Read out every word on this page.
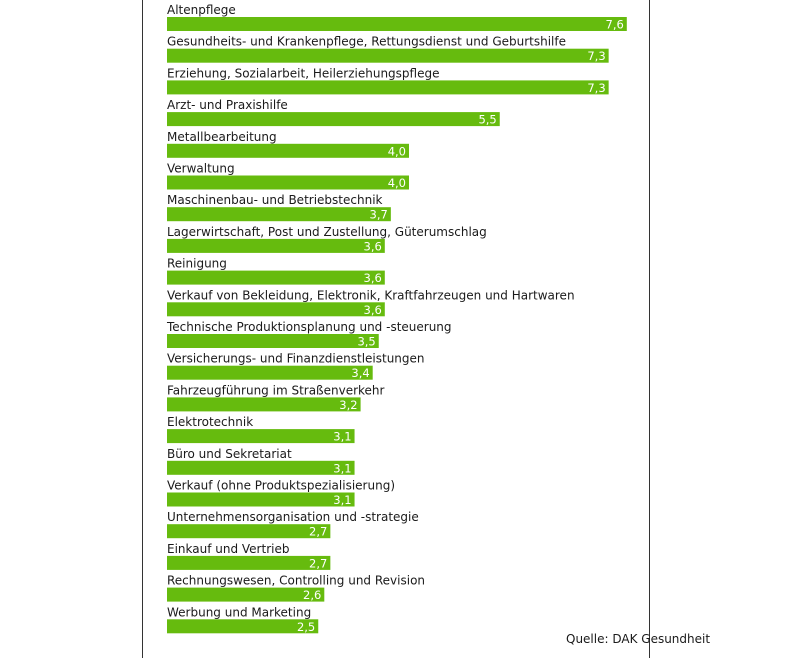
Altenpflege
7,6
Gesundheits- und Krankenpflege, Rettungsdienst und Geburtshilfe
7,3
Erziehung, Sozialarbeit, Heilerziehungspflege
7,3
Arzt- und Praxishilfe
5,5
Metallbearbeitung
4,0
Verwaltung
4,0
Maschinenbau- und Betriebstechnik
3,7
Lagerwirtschaft, Post und Zustellung, Güterumschlag
3,6
Reinigung
3,6
Verkauf von Bekleidung, Elektronik, Kraftfahrzeugen und Hartwaren
3,6
Technische Produktionsplanung und -steuerung
3,5
Versicherungs- und Finanzdienstleistungen
3,4
Fahrzeugführung im Straßenverkehr
3,2
Elektrotechnik
3,1
Büro und Sekretariat
3,1
Verkauf (ohne Produktspezialisierung)
3,1
Unternehmensorganisation und -strategie
2,7
Einkauf und Vertrieb
2,7
Rechnungswesen, Controlling und Revision
2,6
Werbung und Marketing
2,5
Quelle: DAK Gesundheit
